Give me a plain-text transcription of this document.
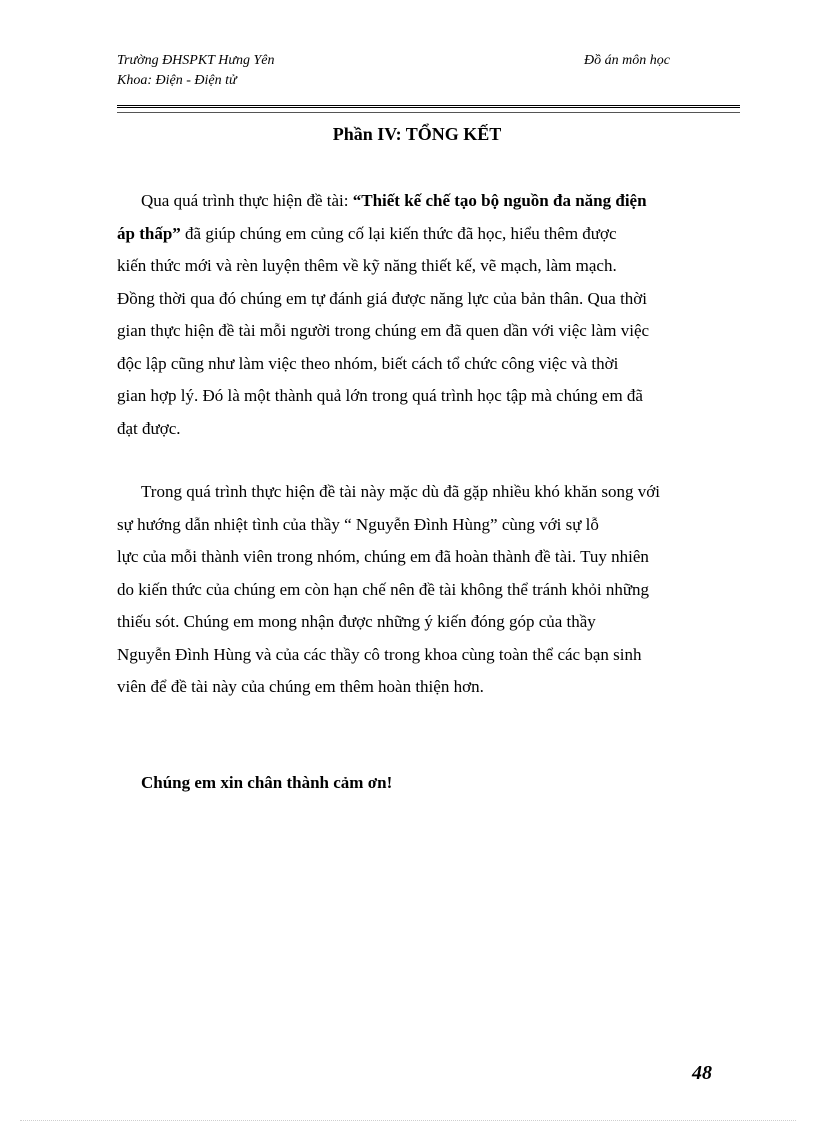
Trường ĐHSPKT Hưng Yên
Khoa: Điện - Điện tử
Đồ án môn học
Phần IV: TỔNG KẾT
Qua quá trình thực hiện đề tài: “Thiết kế chế tạo bộ nguồn đa năng điện
áp thấp” đã giúp chúng em củng cố lại kiến thức đã học, hiểu thêm được
kiến thức mới và rèn luyện thêm về kỹ năng thiết kế, vẽ mạch, làm mạch.
Đồng thời qua đó chúng em tự đánh giá được năng lực của bản thân. Qua thời
gian thực hiện đề tài mỗi người trong chúng em đã quen dần với việc làm việc
độc lập cũng như làm việc theo nhóm, biết cách tổ chức công việc và thời
gian hợp lý. Đó là một thành quả lớn trong quá trình học tập mà chúng em đã
đạt được.
Trong quá trình thực hiện đề tài này mặc dù đã gặp nhiều khó khăn song với
sự hướng dẫn nhiệt tình của thầy “ Nguyễn Đình Hùng” cùng với sự lỗ
lực của mỗi thành viên trong nhóm, chúng em đã hoàn thành đề tài. Tuy nhiên
do kiến thức của chúng em còn hạn chế nên đề tài không thể tránh khỏi những
thiếu sót. Chúng em mong nhận được những ý kiến đóng góp của thầy
Nguyễn Đình Hùng và của các thầy cô trong khoa cùng toàn thể các bạn sinh
viên để đề tài này của chúng em thêm hoàn thiện hơn.
Chúng em xin chân thành cảm ơn!
48
